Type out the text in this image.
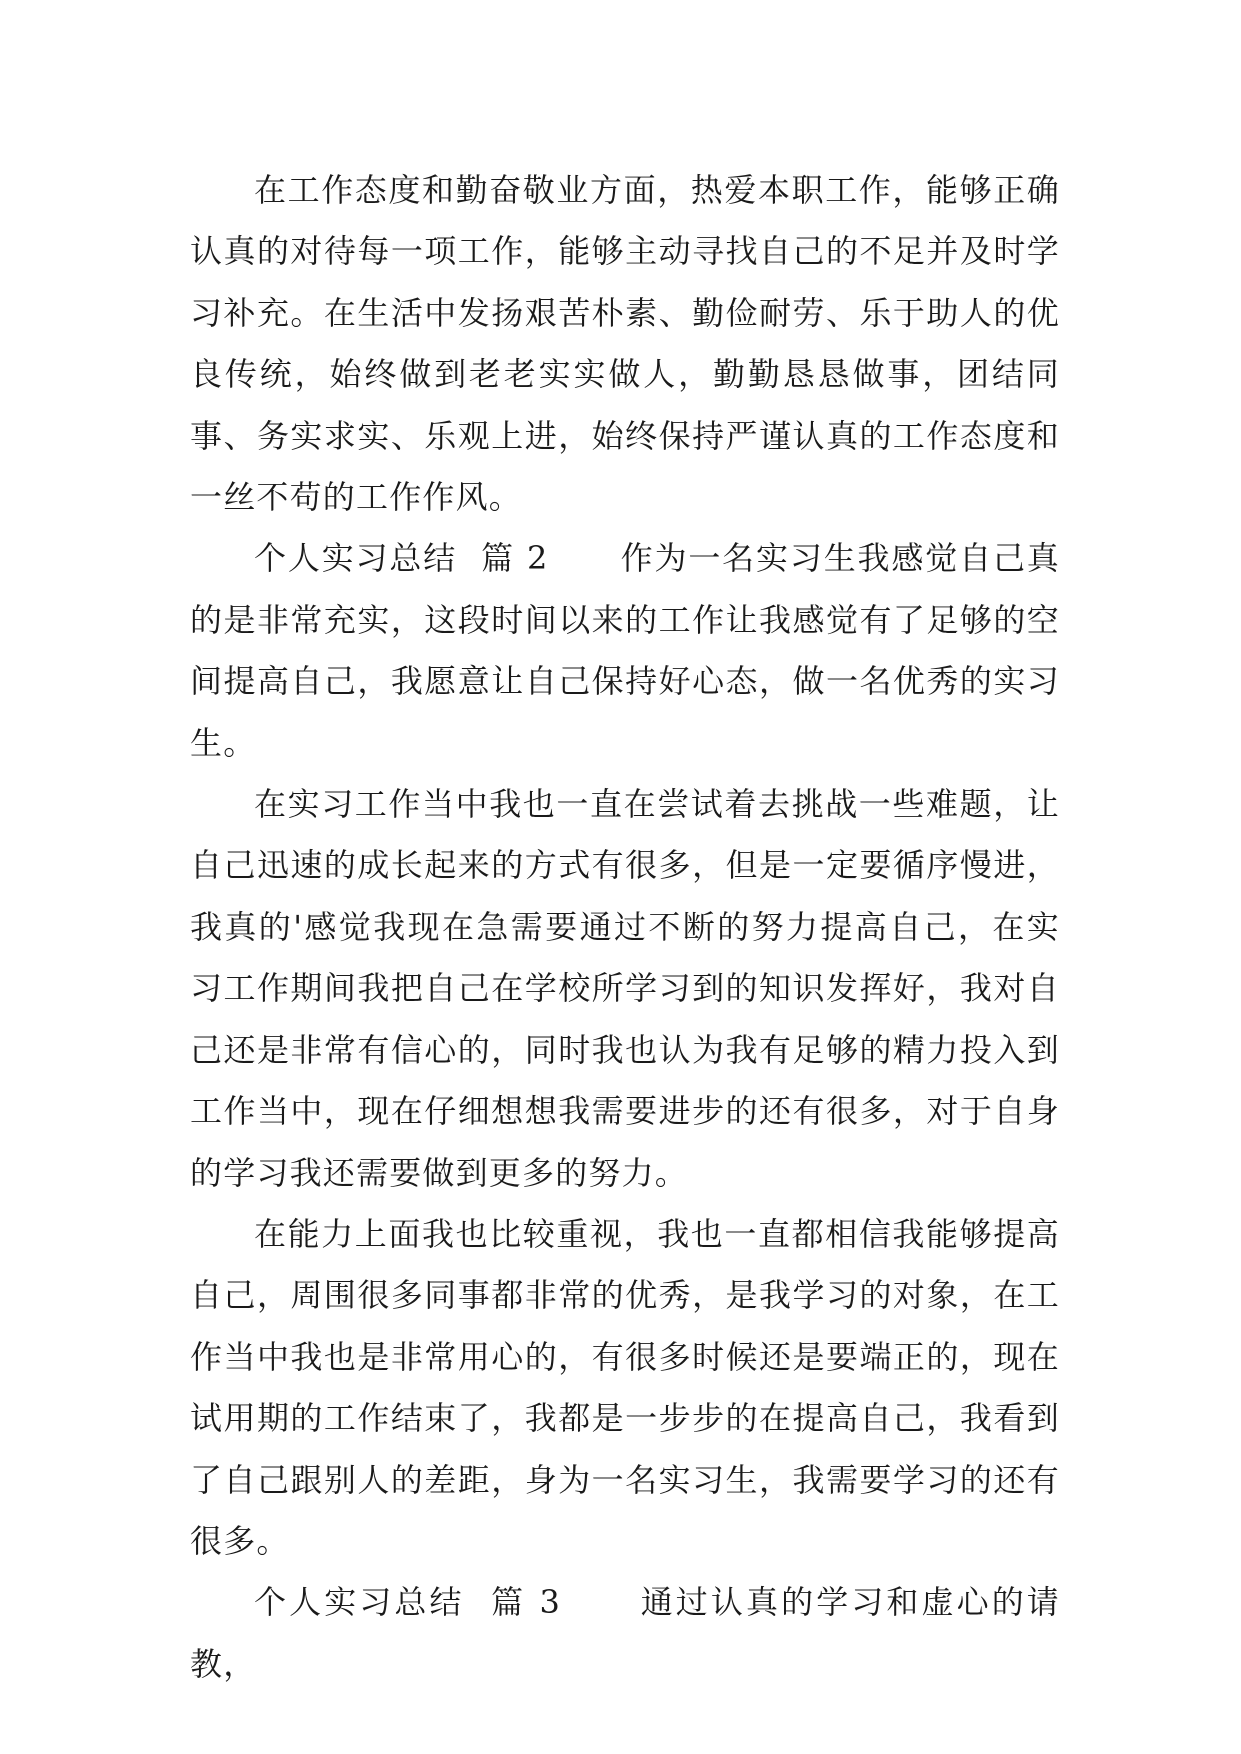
在工作态度和勤奋敬业方面，热爱本职工作，能够正确认真的对待每一项工作，能够主动寻找自己的不足并及时学习补充。在生活中发扬艰苦朴素、勤俭耐劳、乐于助人的优良传统，始终做到老老实实做人，勤勤恳恳做事，团结同事、务实求实、乐观上进，始终保持严谨认真的工作态度和一丝不苟的工作作风。

个人实习总结  篇 2      作为一名实习生我感觉自己真的是非常充实，这段时间以来的工作让我感觉有了足够的空间提高自己，我愿意让自己保持好心态，做一名优秀的实习生。

在实习工作当中我也一直在尝试着去挑战一些难题，让自己迅速的成长起来的方式有很多，但是一定要循序慢进，我真的'感觉我现在急需要通过不断的努力提高自己，在实习工作期间我把自己在学校所学习到的知识发挥好，我对自己还是非常有信心的，同时我也认为我有足够的精力投入到工作当中，现在仔细想想我需要进步的还有很多，对于自身的学习我还需要做到更多的努力。

在能力上面我也比较重视，我也一直都相信我能够提高自己，周围很多同事都非常的优秀，是我学习的对象，在工作当中我也是非常用心的，有很多时候还是要端正的，现在试用期的工作结束了，我都是一步步的在提高自己，我看到了自己跟别人的差距，身为一名实习生，我需要学习的还有很多。

个人实习总结  篇 3      通过认真的学习和虚心的请教，
